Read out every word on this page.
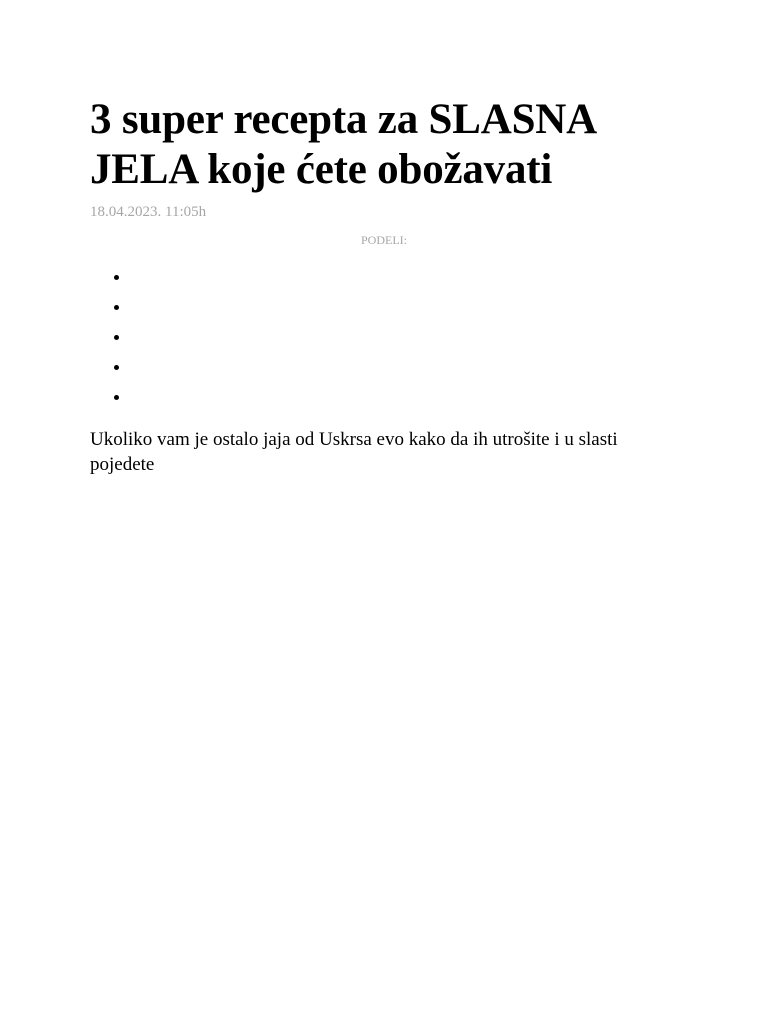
3 super recepta za SLASNA JELA koje ćete obožavati
18.04.2023. 11:05h
PODELI:

Ukoliko vam je ostalo jaja od Uskrsa evo kako da ih utrošite i u slasti pojedete
